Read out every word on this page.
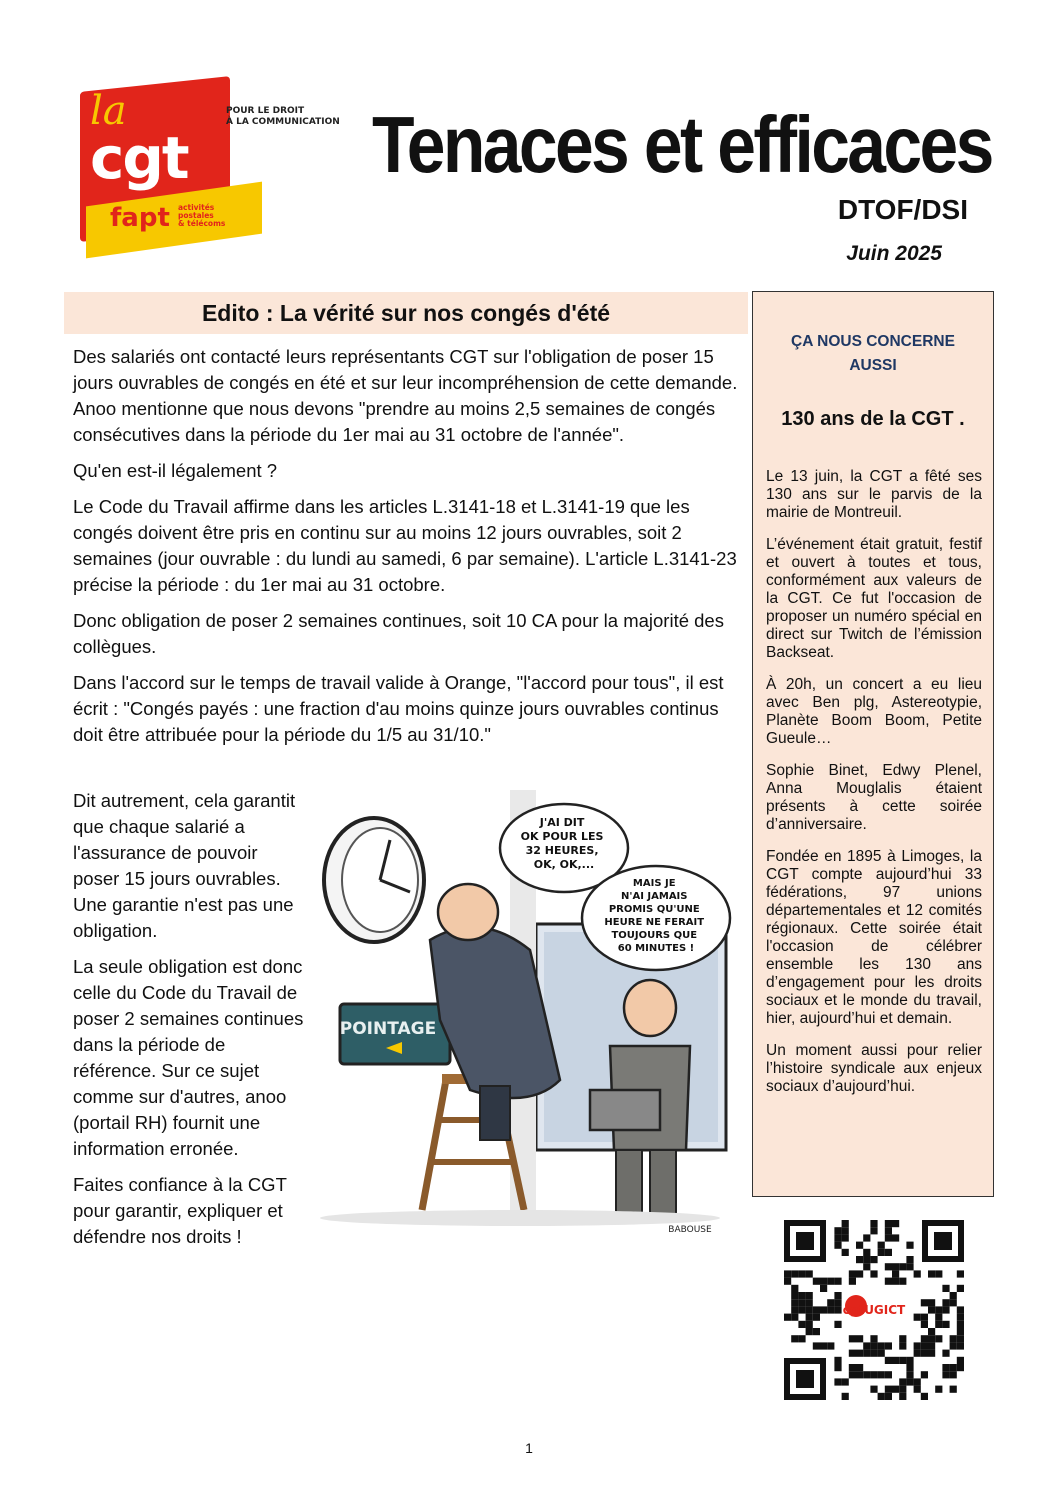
la
cgt
fapt activités
postales
& télécoms
POUR LE DROIT
À LA COMMUNICATION Tenaces et efficaces
DTOF/DSI
Juin 2025
Edito : La vérité sur nos congés d'été

Des salariés ont contacté leurs représentants CGT sur l'obligation de poser 15 jours ouvrables de congés en été et sur leur incompréhension de cette demande. Anoo mentionne que nous devons "prendre au moins 2,5 semaines de congés consécutives dans la période du 1er mai au 31 octobre de l'année".

Qu'en est-il légalement ?

Le Code du Travail affirme dans les articles L.3141-18 et L.3141-19 que les congés doivent être pris en continu sur au moins 12 jours ouvrables, soit 2 semaines (jour ouvrable : du lundi au samedi, 6 par semaine). L'article L.3141-23 précise la période : du 1er mai au 31 octobre.

Donc obligation de poser 2 semaines continues, soit 10 CA pour la majorité des collègues.

Dans l'accord sur le temps de travail valide à Orange, "l'accord pour tous", il est écrit : "Congés payés : une fraction d'au moins quinze jours ouvrables continus doit être attribuée pour la période du 1/5 au 31/10."

Dit autrement, cela garantit que chaque salarié a l'assurance de pouvoir poser 15 jours ouvrables. Une garantie n'est pas une obligation.

La seule obligation est donc celle du Code du Travail de poser 2 semaines continues dans la période de référence. Sur ce sujet comme sur d'autres, anoo (portail RH) fournit une information erronée.

Faites confiance à la CGT pour garantir, expliquer et défendre nos droits !

J'AI DIT OK POUR LES 32 HEURES, OK, OK,...
MAIS JE N'AI JAMAIS PROMIS QU'UNE HEURE NE FERAIT TOUJOURS QUE 60 MINUTES !
POINTAGE
BABOUSE
ÇA NOUS CONCERNE
AUSSI
130 ans de la CGT .

Le 13 juin, la CGT a fêté ses 130 ans sur le parvis de la mairie de Montreuil.

L’événement était gratuit, festif et ouvert à toutes et tous, conformément aux valeurs de la CGT. Ce fut l'occasion de proposer un numéro spécial en direct sur Twitch de l’émission Backseat.

À 20h, un concert a eu lieu avec Ben plg, Astereotypie, Planète Boom Boom, Petite Gueule…

Sophie Binet, Edwy Plenel, Anna Mouglalis étaient présents à cette soirée d’anniversaire.

Fondée en 1895 à Limoges, la CGT compte aujourd’hui 33 fédérations, 97 unions départementales et 12 comités régionaux. Cette soirée était l'occasion de célébrer ensemble les 130 ans d’engagement pour les droits sociaux et le monde du travail, hier, aujourd’hui et demain.

Un moment aussi pour relier l’histoire syndicale aux enjeux sociaux d’aujourd’hui.

cgtUGICT
1
